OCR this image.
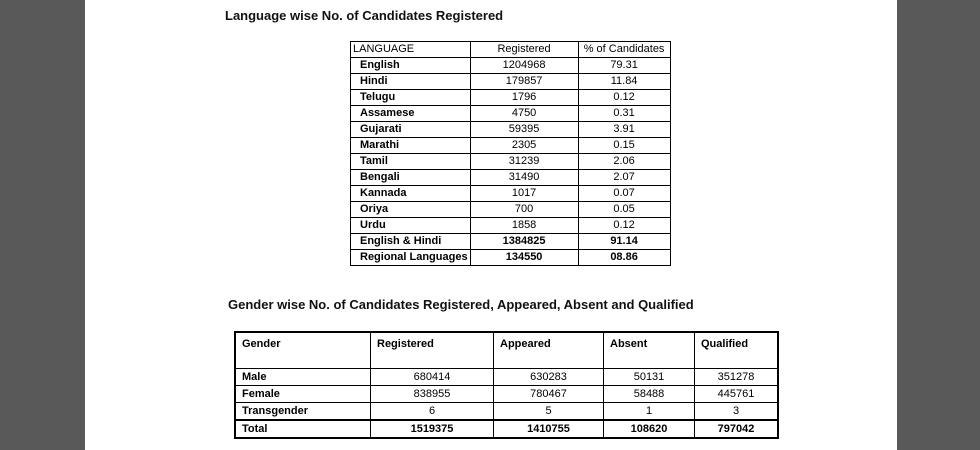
Language wise No. of Candidates Registered
LANGUAGE	Registered	% of Candidates
English	1204968	79.31
Hindi	179857	11.84
Telugu	1796	0.12
Assamese	4750	0.31
Gujarati	59395	3.91
Marathi	2305	0.15
Tamil	31239	2.06
Bengali	31490	2.07
Kannada	1017	0.07
Oriya	700	0.05
Urdu	1858	0.12
English & Hindi	1384825	91.14
Regional Languages	134550	08.86
Gender wise No. of Candidates Registered, Appeared, Absent and Qualified
Gender	Registered	Appeared	Absent	Qualified
Male	680414	630283	50131	351278
Female	838955	780467	58488	445761
Transgender	6	5	1	3
Total	1519375	1410755	108620	797042
